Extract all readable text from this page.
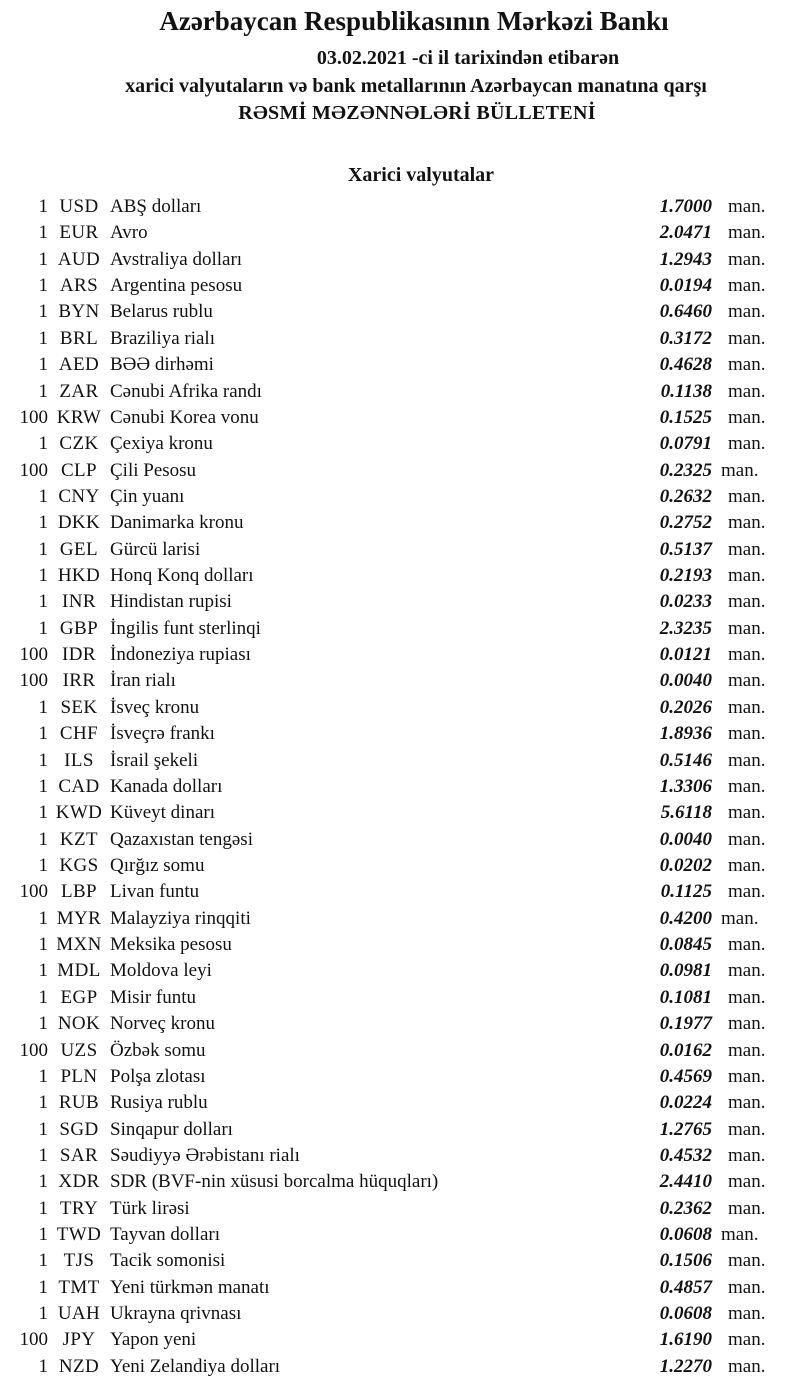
Azərbaycan Respublikasının Mərkəzi Bankı
03.02.2021 -ci il tarixindən etibarən
xarici valyutaların və bank metallarının Azərbaycan manatına qarşı
RƏSMİ MƏZƏNNƏLƏRİ BÜLLETENİ
Xarici valyutalar
1 USD ABŞ dolları	1.7000 man.
1 EUR Avro	2.0471 man.
1 AUD Avstraliya dolları	1.2943 man.
1 ARS Argentina pesosu	0.0194 man.
1 BYN Belarus rublu	0.6460 man.
1 BRL Braziliya rialı	0.3172 man.
1 AED BƏƏ dirhəmi	0.4628 man.
1 ZAR Cənubi Afrika randı	0.1138 man.
100 KRW Cənubi Korea vonu	0.1525 man.
1 CZK Çexiya kronu	0.0791 man.
100 CLP Çili Pesosu	0.2325 man.
1 CNY Çin yuanı	0.2632 man.
1 DKK Danimarka kronu	0.2752 man.
1 GEL Gürcü larisi	0.5137 man.
1 HKD Honq Konq dolları	0.2193 man.
1 INR Hindistan rupisi	0.0233 man.
1 GBP İngilis funt sterlinqi	2.3235 man.
100 IDR İndoneziya rupiası	0.0121 man.
100 IRR İran rialı	0.0040 man.
1 SEK İsveç kronu	0.2026 man.
1 CHF İsveçrə frankı	1.8936 man.
1 ILS İsrail şekeli	0.5146 man.
1 CAD Kanada dolları	1.3306 man.
1 KWD Küveyt dinarı	5.6118 man.
1 KZT Qazaxıstan tengəsi	0.0040 man.
1 KGS Qırğız somu	0.0202 man.
100 LBP Livan funtu	0.1125 man.
1 MYR Malayziya rinqqiti	0.4200 man.
1 MXN Meksika pesosu	0.0845 man.
1 MDL Moldova leyi	0.0981 man.
1 EGP Misir funtu	0.1081 man.
1 NOK Norveç kronu	0.1977 man.
100 UZS Özbək somu	0.0162 man.
1 PLN Polşa zlotası	0.4569 man.
1 RUB Rusiya rublu	0.0224 man.
1 SGD Sinqapur dolları	1.2765 man.
1 SAR Səudiyyə Ərəbistanı rialı	0.4532 man.
1 XDR SDR (BVF-nin xüsusi borcalma hüquqları)	2.4410 man.
1 TRY Türk lirəsi	0.2362 man.
1 TWD Tayvan dolları	0.0608 man.
1 TJS Tacik somonisi	0.1506 man.
1 TMT Yeni türkmən manatı	0.4857 man.
1 UAH Ukrayna qrivnası	0.0608 man.
100 JPY Yapon yeni	1.6190 man.
1 NZD Yeni Zelandiya dolları	1.2270 man.
